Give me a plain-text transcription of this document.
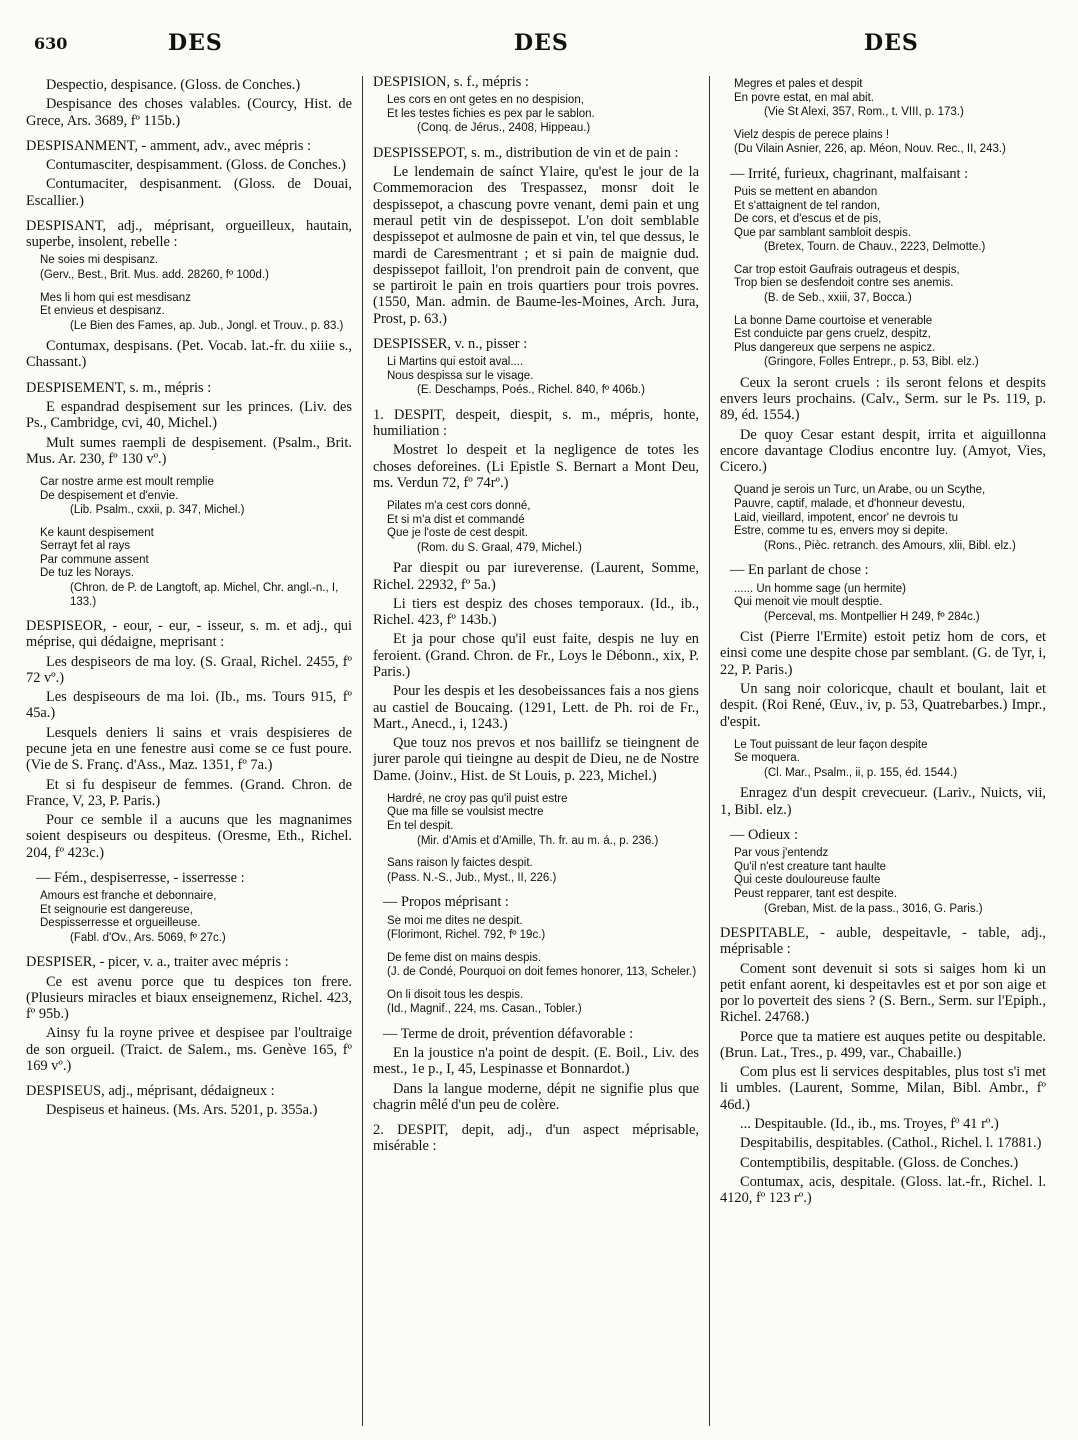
630	DES	DES	DES

Despectio, despisance. (Gloss. de Conches.)

Despisance des choses valables. (Courcy, Hist. de Grece, Ars. 3689, fº 115b.)

DESPISANMENT, - amment, adv., avec mépris :

Contumasciter, despisamment. (Gloss. de Conches.)

Contumaciter, despisanment. (Gloss. de Douai, Escallier.)

DESPISANT, adj., méprisant, orgueilleux, hautain, superbe, insolent, rebelle :

Ne soies mi despisanz.

(Gerv., Best., Brit. Mus. add. 28260, fº 100d.)

Mes li hom qui est mesdisanz

Et envieus et despisanz.

(Le Bien des Fames, ap. Jub., Jongl. et Trouv., p. 83.)

Contumax, despisans. (Pet. Vocab. lat.-fr. du xiiie s., Chassant.)

DESPISEMENT, s. m., mépris :

E espandrad despisement sur les princes. (Liv. des Ps., Cambridge, cvi, 40, Michel.)

Mult sumes raempli de despisement. (Psalm., Brit. Mus. Ar. 230, fº 130 vº.)

Car nostre arme est moult remplie

De despisement et d'envie.

(Lib. Psalm., cxxii, p. 347, Michel.)

Ke kaunt despisement

Serrayt fet al rays

Par commune assent

De tuz les Norays.

(Chron. de P. de Langtoft, ap. Michel, Chr. angl.-n., I, 133.)

DESPISEOR, - eour, - eur, - isseur, s. m. et adj., qui méprise, qui dédaigne, meprisant :

Les despiseors de ma loy. (S. Graal, Richel. 2455, fº 72 vº.)

Les despiseours de ma loi. (Ib., ms. Tours 915, fº 45a.)

Lesquels deniers li sains et vrais despisieres de pecune jeta en une fenestre ausi come se ce fust poure. (Vie de S. Franç. d'Ass., Maz. 1351, fº 7a.)

Et si fu despiseur de femmes. (Grand. Chron. de France, V, 23, P. Paris.)

Pour ce semble il a aucuns que les magnanimes soient despiseurs ou despiteus. (Oresme, Eth., Richel. 204, fº 423c.)

— Fém., despiserresse, - isserresse :

Amours est franche et debonnaire,

Et seignourie est dangereuse,

Despisserresse et orgueilleuse.

(Fabl. d'Ov., Ars. 5069, fº 27c.)

DESPISER, - picer, v. a., traiter avec mépris :

Ce est avenu porce que tu despices ton frere. (Plusieurs miracles et biaux enseignemenz, Richel. 423, fº 95b.)

Ainsy fu la royne privee et despisee par l'oultraige de son orgueil. (Traict. de Salem., ms. Genève 165, fº 169 vº.)

DESPISEUS, adj., méprisant, dédaigneux :

Despiseus et haineus. (Ms. Ars. 5201, p. 355a.)

DESPISION, s. f., mépris :

Les cors en ont getes en no despision,

Et les testes fichies es pex par le sablon.

(Conq. de Jérus., 2408, Hippeau.)

DESPISSEPOT, s. m., distribution de vin et de pain :

Le lendemain de saínct Ylaire, qu'est le jour de la Commemoracion des Trespassez, monsr doit le despissepot, a chascung povre venant, demi pain et ung meraul petit vin de despissepot. L'on doit semblable despissepot et aulmosne de pain et vin, tel que dessus, le mardi de Caresmentrant ; et si pain de maignie dud. despissepot failloit, l'on prendroit pain de convent, que se partiroit le pain en trois quartiers pour trois povres. (1550, Man. admin. de Baume-les-Moines, Arch. Jura, Prost, p. 63.)

DESPISSER, v. n., pisser :

Li Martins qui estoit aval....

Nous despissa sur le visage.

(E. Deschamps, Poés., Richel. 840, fº 406b.)

1. DESPIT, despeit, diespit, s. m., mépris, honte, humiliation :

Mostret lo despeit et la negligence de totes les choses deforeines. (Li Epistle S. Bernart a Mont Deu, ms. Verdun 72, fº 74rº.)

Pilates m'a cest cors donné,

Et si m'a dist et commandé

Que je l'oste de cest despit.

(Rom. du S. Graal, 479, Michel.)

Par diespit ou par iureverense. (Laurent, Somme, Richel. 22932, fº 5a.)

Li tiers est despiz des choses temporaux. (Id., ib., Richel. 423, fº 143b.)

Et ja pour chose qu'il eust faite, despis ne luy en feroient. (Grand. Chron. de Fr., Loys le Débonn., xix, P. Paris.)

Pour les despis et les desobeissances fais a nos giens au castiel de Boucaing. (1291, Lett. de Ph. roi de Fr., Mart., Anecd., i, 1243.)

Que touz nos prevos et nos baillifz se tieingnent de jurer parole qui tieingne au despit de Dieu, ne de Nostre Dame. (Joinv., Hist. de St Louis, p. 223, Michel.)

Hardré, ne croy pas qu'il puist estre

Que ma fille se voulsist mectre

En tel despit.

(Mir. d'Amis et d'Amille, Th. fr. au m. á., p. 236.)

Sans raison ly faictes despit.

(Pass. N.-S., Jub., Myst., II, 226.)

— Propos méprisant :

Se moi me dites ne despit.

(Florimont, Richel. 792, fº 19c.)

De feme dist on mains despis.

(J. de Condé, Pourquoi on doit femes honorer, 113, Scheler.)

On li disoit tous les despis.

(Id., Magnif., 224, ms. Casan., Tobler.)

— Terme de droit, prévention défavorable :

En la joustice n'a point de despit. (E. Boil., Liv. des mest., 1e p., I, 45, Lespinasse et Bonnardot.)

Dans la langue moderne, dépit ne signifie plus que chagrin mêlé d'un peu de colère.

2. DESPIT, depit, adj., d'un aspect méprisable, misérable :

Megres et pales et despit

En povre estat, en mal abit.

(Vie St Alexi, 357, Rom., t. VIII, p. 173.)

Vielz despis de perece plains !

(Du Vilain Asnier, 226, ap. Méon, Nouv. Rec., II, 243.)

— Irrité, furieux, chagrinant, malfaisant :

Puis se mettent en abandon

Et s'attaignent de tel randon,

De cors, et d'escus et de pis,

Que par samblant sambloit despis.

(Bretex, Tourn. de Chauv., 2223, Delmotte.)

Car trop estoit Gaufrais outrageus et despis,

Trop bien se desfendoit contre ses anemis.

(B. de Seb., xxiii, 37, Bocca.)

La bonne Dame courtoise et venerable

Est conduicte par gens cruelz, despitz,

Plus dangereux que serpens ne aspicz.

(Gringore, Folles Entrepr., p. 53, Bibl. elz.)

Ceux la seront cruels : ils seront felons et despits envers leurs prochains. (Calv., Serm. sur le Ps. 119, p. 89, éd. 1554.)

De quoy Cesar estant despit, irrita et aiguillonna encore davantage Clodius encontre luy. (Amyot, Vies, Cicero.)

Quand je serois un Turc, un Arabe, ou un Scythe,

Pauvre, captif, malade, et d'honneur devestu,

Laid, vieillard, impotent, encor' ne devrois tu

Estre, comme tu es, envers moy si depite.

(Rons., Pièc. retranch. des Amours, xlii, Bibl. elz.)

— En parlant de chose :

...... Un homme sage (un hermite)

Qui menoit vie moult desptie.

(Perceval, ms. Montpellier H 249, fº 284c.)

Cist (Pierre l'Ermite) estoit petiz hom de cors, et einsi come une despite chose par semblant. (G. de Tyr, i, 22, P. Paris.)

Un sang noir coloricque, chault et boulant, lait et despit. (Roi René, Œuv., iv, p. 53, Quatrebarbes.) Impr., d'espit.

Le Tout puissant de leur façon despite

Se moquera.

(Cl. Mar., Psalm., ii, p. 155, éd. 1544.)

Enragez d'un despit crevecueur. (Lariv., Nuicts, vii, 1, Bibl. elz.)

— Odieux :

Par vous j'entendz

Qu'il n'est creature tant haulte

Qui ceste douloureuse faulte

Peust repparer, tant est despite.

(Greban, Mist. de la pass., 3016, G. Paris.)

DESPITABLE, - auble, despeitavle, - table, adj., méprisable :

Coment sont devenuit si sots si saiges hom ki un petit enfant aorent, ki despeitavles est et por son aige et por lo poverteit des siens ? (S. Bern., Serm. sur l'Epiph., Richel. 24768.)

Porce que ta matiere est auques petite ou despitable. (Brun. Lat., Tres., p. 499, var., Chabaille.)

Com plus est li services despitables, plus tost s'i met li umbles. (Laurent, Somme, Milan, Bibl. Ambr., fº 46d.)

... Despitauble. (Id., ib., ms. Troyes, fº 41 rº.)

Despitabilis, despitables. (Cathol., Richel. l. 17881.)

Contemptibilis, despitable. (Gloss. de Conches.)

Contumax, acis, despitale. (Gloss. lat.-fr., Richel. l. 4120, fº 123 rº.)
